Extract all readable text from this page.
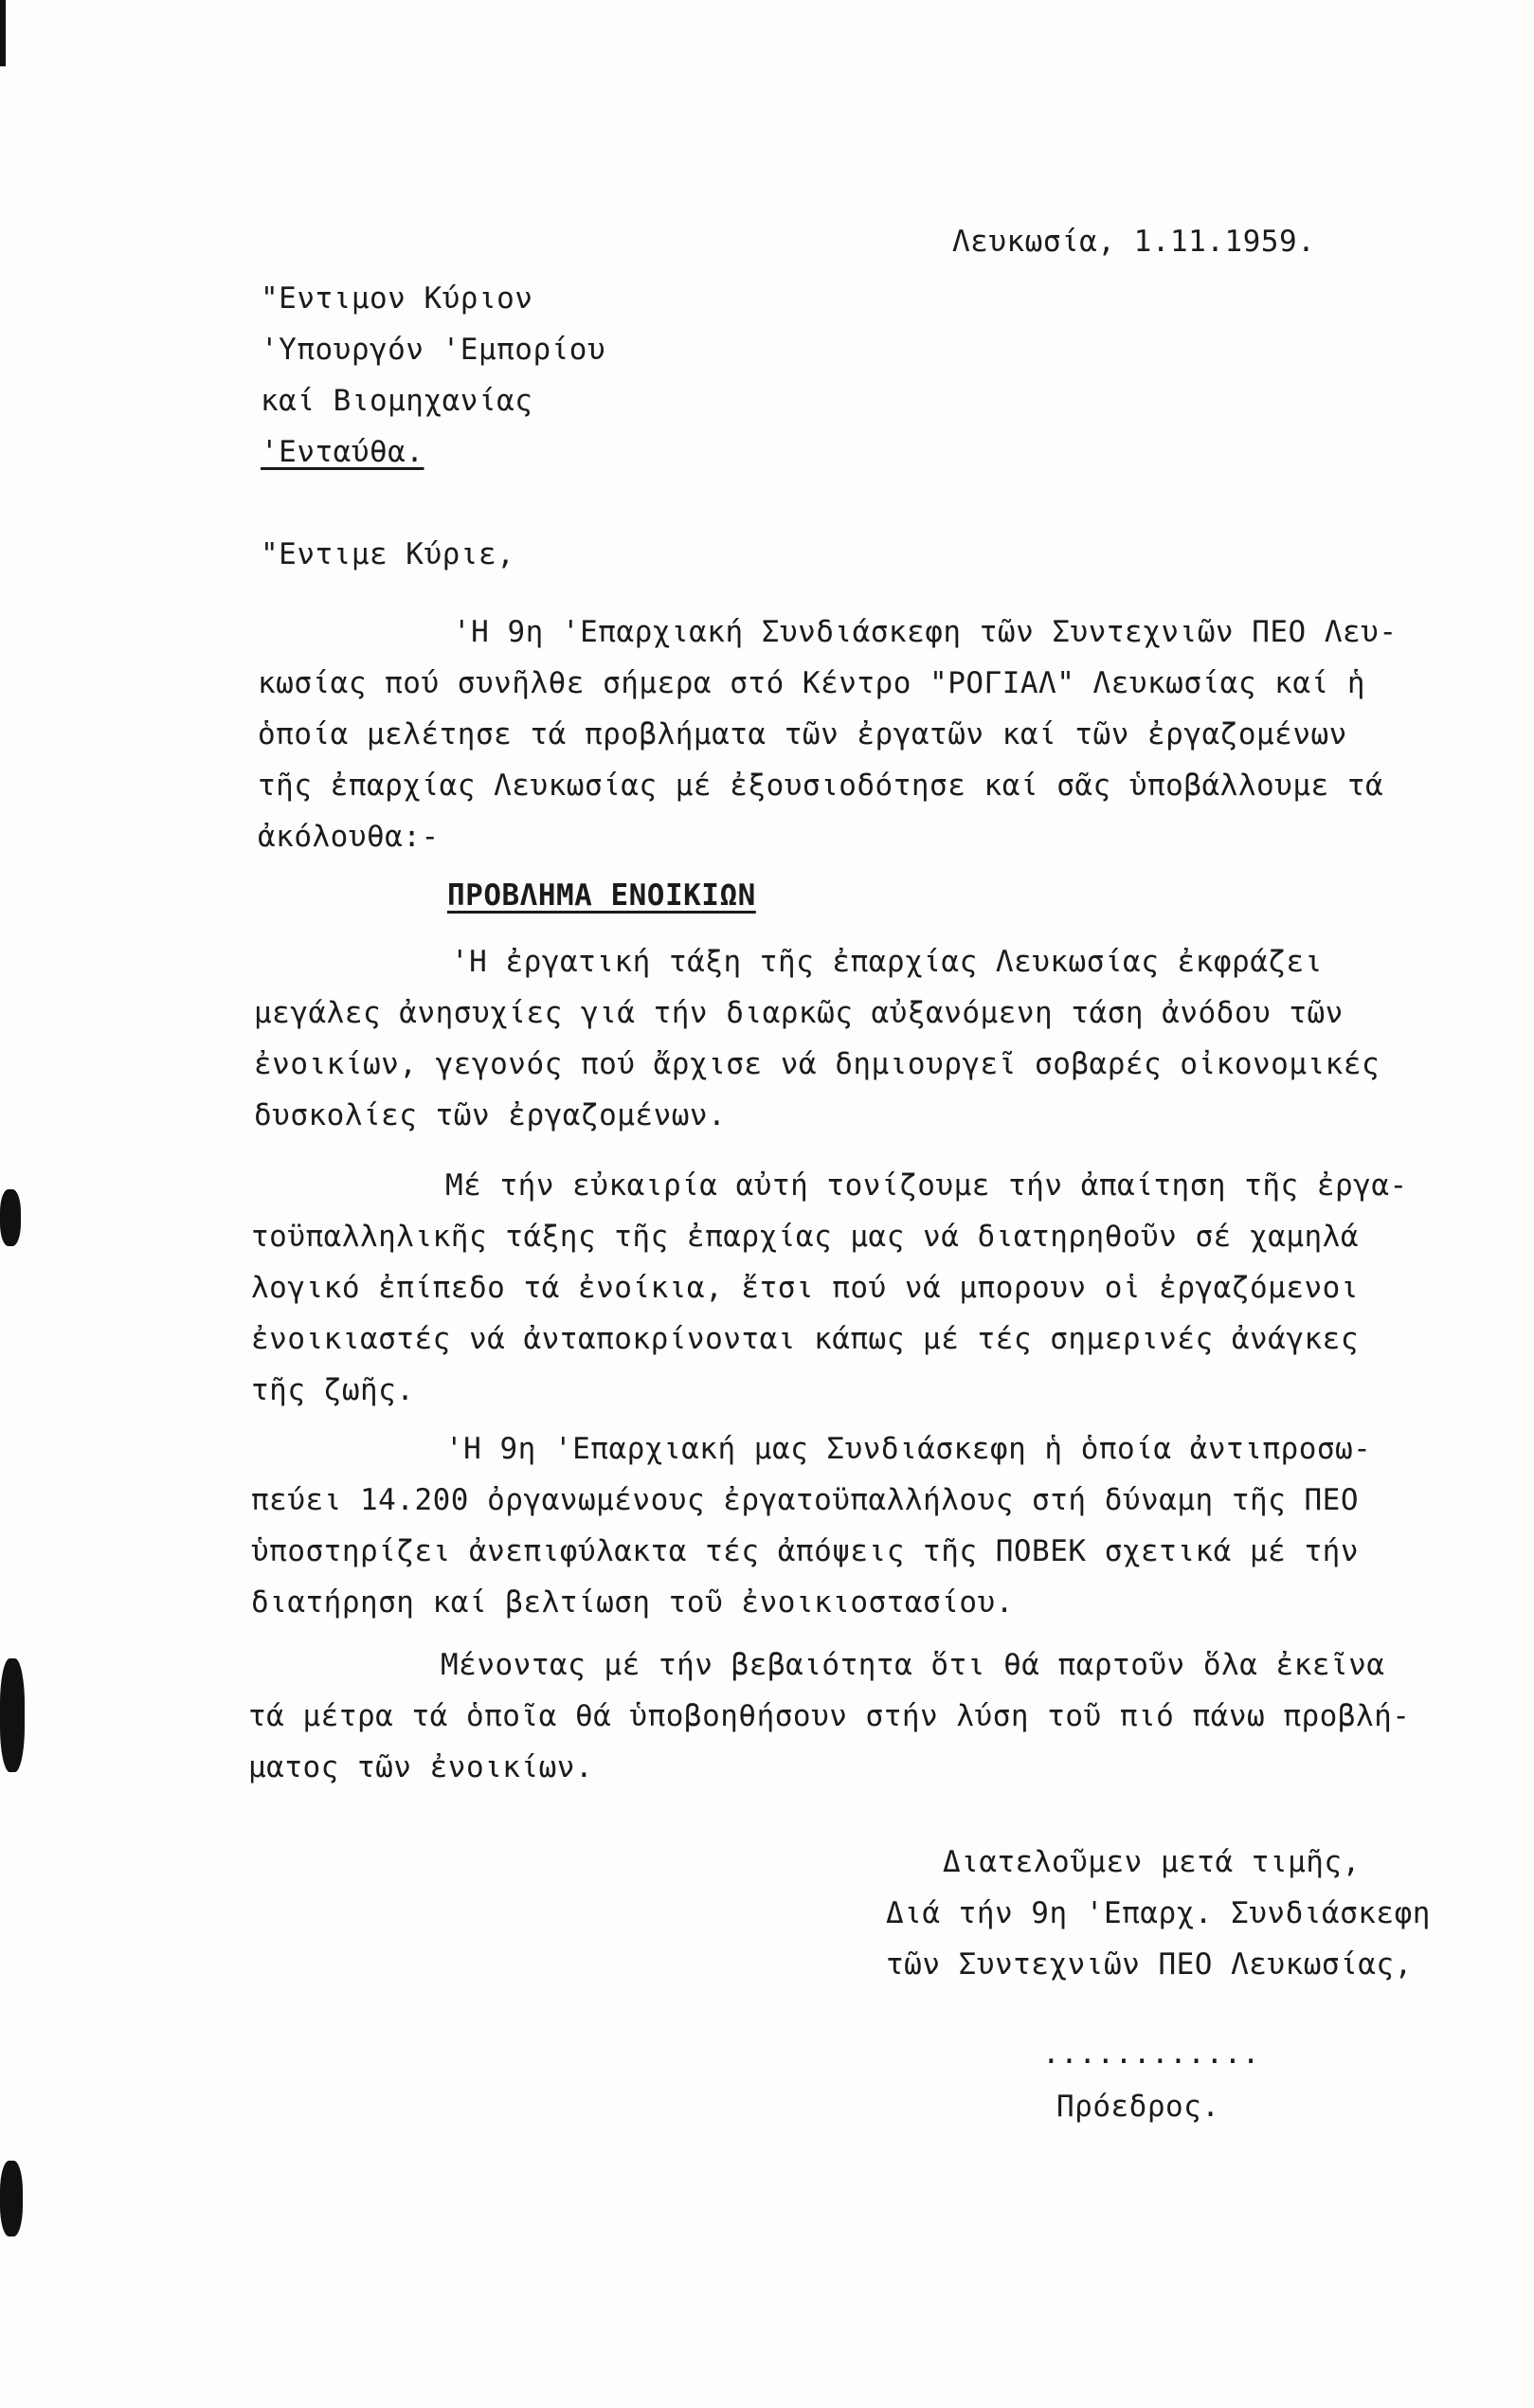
Λευκωσία, 1.11.1959.
"Εντιμον Κύριον
'Υπουργόν 'Εμπορίου
καί Βιομηχανίας
'Ενταύθα.
"Εντιμε Κύριε,
'Η 9η 'Επαρχιακή Συνδιάσκεφη τῶν Συντεχνιῶν ΠΕΟ Λευ-
κωσίας πού συνῆλθε σήμερα στό Κέντρο "ΡΟΓΙΑΛ" Λευκωσίας καί ἡ
ὁποία μελέτησε τά προβλήματα τῶν ἐργατῶν καί τῶν ἐργαζομένων
τῆς ἐπαρχίας Λευκωσίας μέ ἐξουσιοδότησε καί σᾶς ὑποβάλλουμε τά
ἀκόλουθα:-
ΠΡΟΒΛΗΜΑ ΕΝΟΙΚΙΩΝ
'Η ἐργατική τάξη τῆς ἐπαρχίας Λευκωσίας ἐκφράζει
μεγάλες ἀνησυχίες γιά τήν διαρκῶς αὐξανόμενη τάση ἀνόδου τῶν
ἐνοικίων, γεγονός πού ἄρχισε νά δημιουργεῖ σοβαρές οἰκονομικές
δυσκολίες τῶν ἐργαζομένων.
Μέ τήν εὐκαιρία αὐτή τονίζουμε τήν ἀπαίτηση τῆς ἐργα-
τοϋπαλληλικῆς τάξης τῆς ἐπαρχίας μας νά διατηρηθοῦν σέ χαμηλά
λογικό ἐπίπεδο τά ἐνοίκια, ἔτσι πού νά μπορουν οἱ ἐργαζόμενοι
ἐνοικιαστές νά ἀνταποκρίνονται κάπως μέ τές σημερινές ἀνάγκες
τῆς ζωῆς.
'Η 9η 'Επαρχιακή μας Συνδιάσκεφη ἡ ὁποία ἀντιπροσω-
πεύει 14.200 ὀργανωμένους ἐργατοϋπαλλήλους στή δύναμη τῆς ΠΕΟ
ὑποστηρίζει ἀνεπιφύλακτα τές ἀπόψεις τῆς ΠΟΒΕΚ σχετικά μέ τήν
διατήρηση καί βελτίωση τοῦ ἐνοικιοστασίου.
Μένοντας μέ τήν βεβαιότητα ὅτι θά παρτοῦν ὅλα ἐκεῖνα
τά μέτρα τά ὁποῖα θά ὑποβοηθήσουν στήν λύση τοῦ πιό πάνω προβλή-
ματος τῶν ἐνοικίων.
Διατελοῦμεν μετά τιμῆς,
Διά τήν 9η 'Επαρχ. Συνδιάσκεφη
τῶν Συντεχνιῶν ΠΕΟ Λευκωσίας,
............
Πρόεδρος.
